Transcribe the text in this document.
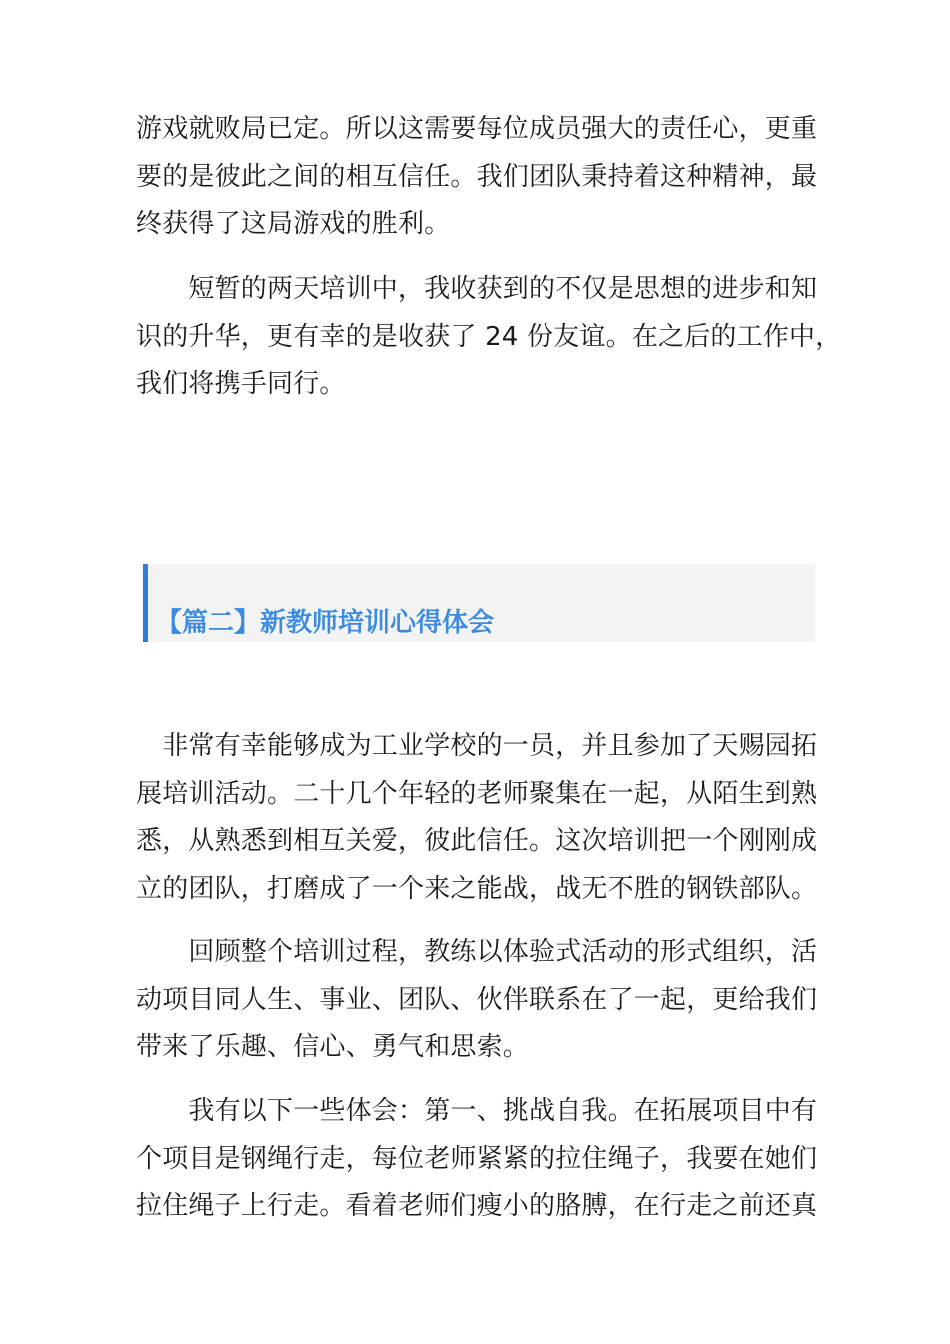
游戏就败局已定。所以这需要每位成员强大的责任心，更重
要的是彼此之间的相互信任。我们团队秉持着这种精神，最
终获得了这局游戏的胜利。

　　短暂的两天培训中，我收获到的不仅是思想的进步和知
识的升华，更有幸的是收获了 24 份友谊。在之后的工作中，
我们将携手同行。

【篇二】新教师培训心得体会

　非常有幸能够成为工业学校的一员，并且参加了天赐园拓
展培训活动。二十几个年轻的老师聚集在一起，从陌生到熟
悉，从熟悉到相互关爱，彼此信任。这次培训把一个刚刚成
立的团队，打磨成了一个来之能战，战无不胜的钢铁部队。

　　回顾整个培训过程，教练以体验式活动的形式组织，活
动项目同人生、事业、团队、伙伴联系在了一起，更给我们
带来了乐趣、信心、勇气和思索。

　　我有以下一些体会：第一、挑战自我。在拓展项目中有
个项目是钢绳行走，每位老师紧紧的拉住绳子，我要在她们
拉住绳子上行走。看着老师们瘦小的胳膊，在行走之前还真
